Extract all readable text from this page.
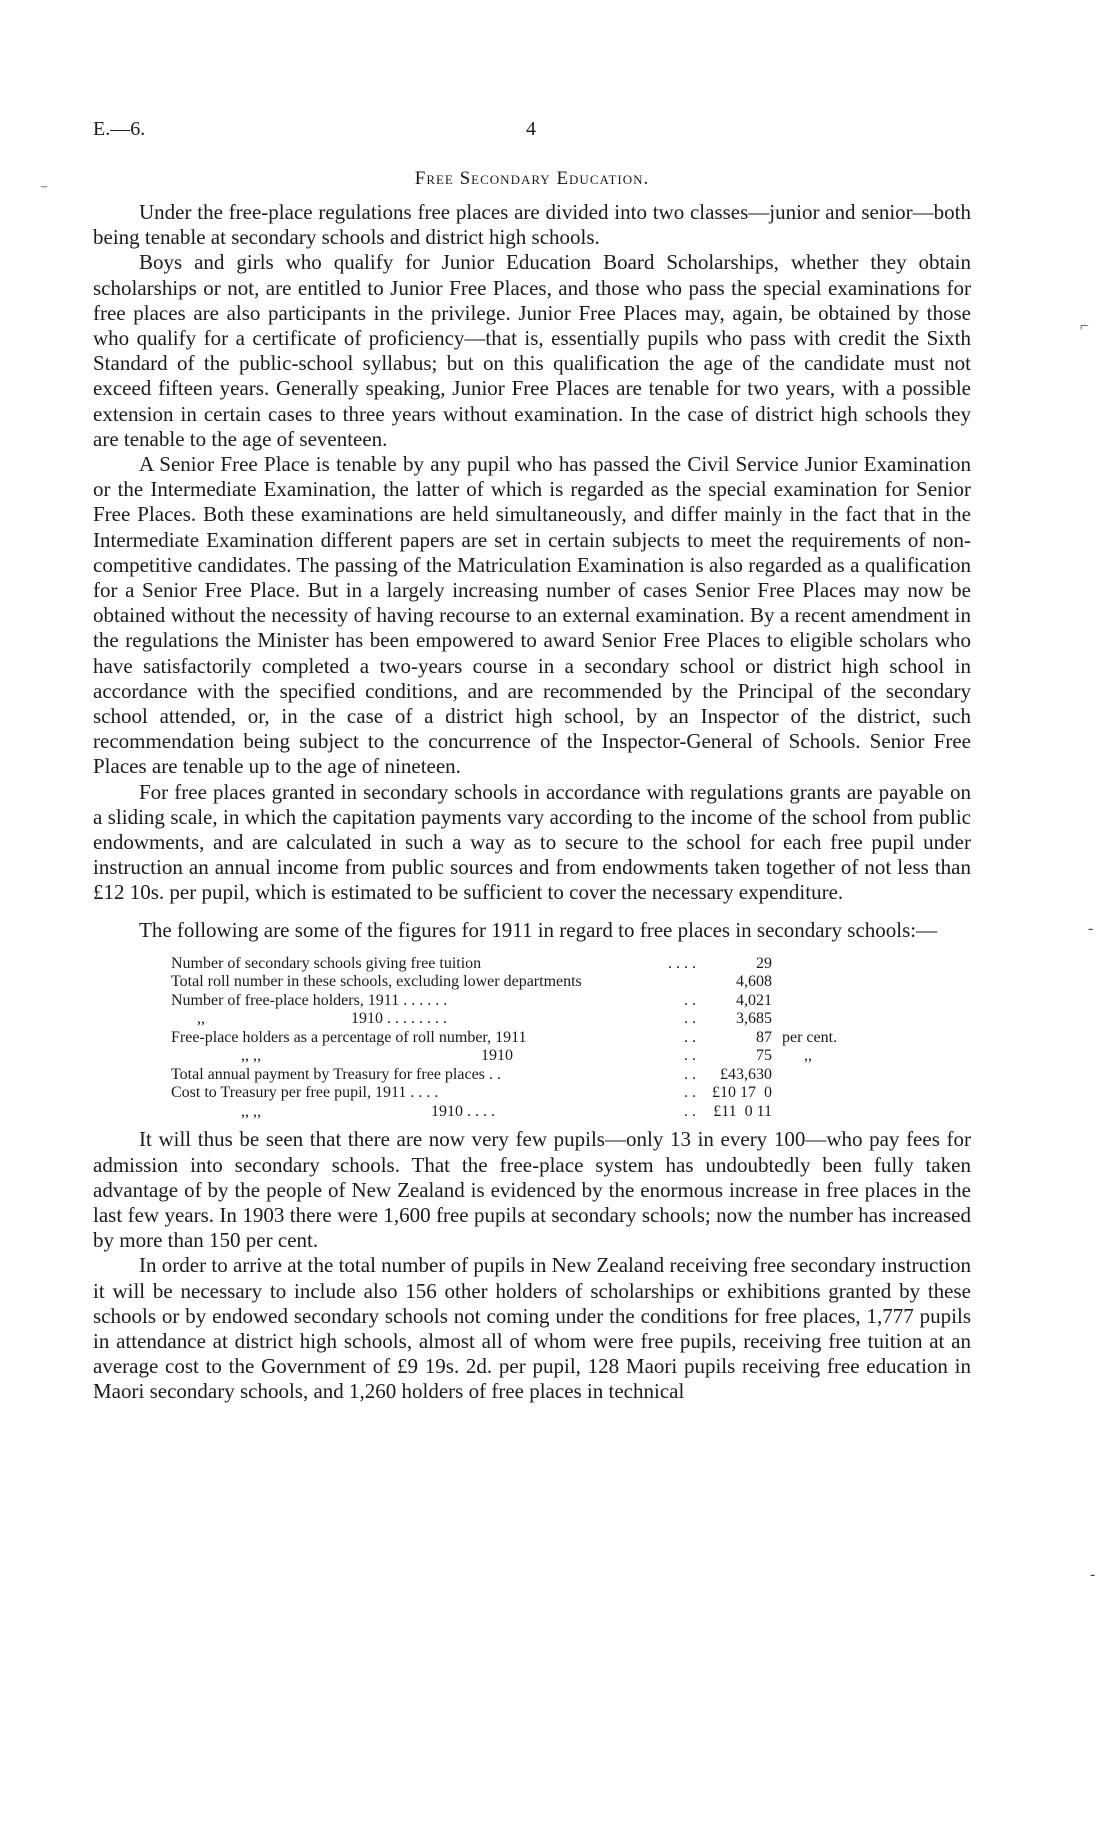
E.—6.	4
Free Secondary Education.

Under the free-place regulations free places are divided into two classes—junior and senior—both being tenable at secondary schools and district high schools.

Boys and girls who qualify for Junior Education Board Scholarships, whether they obtain scholarships or not, are entitled to Junior Free Places, and those who pass the special examinations for free places are also participants in the privilege. Junior Free Places may, again, be obtained by those who qualify for a certificate of proficiency—that is, essentially pupils who pass with credit the Sixth Standard of the public-school syllabus; but on this qualification the age of the candidate must not exceed fifteen years. Generally speaking, Junior Free Places are tenable for two years, with a possible extension in certain cases to three years without examination. In the case of district high schools they are tenable to the age of seventeen.

A Senior Free Place is tenable by any pupil who has passed the Civil Service Junior Examination or the Intermediate Examination, the latter of which is regarded as the special examination for Senior Free Places. Both these examinations are held simultaneously, and differ mainly in the fact that in the Intermediate Examination different papers are set in certain subjects to meet the requirements of non-competitive candidates. The passing of the Matriculation Examination is also regarded as a qualification for a Senior Free Place. But in a largely increasing number of cases Senior Free Places may now be obtained without the necessity of having recourse to an external examination. By a recent amendment in the regulations the Minister has been empowered to award Senior Free Places to eligible scholars who have satisfactorily completed a two-years course in a secondary school or district high school in accordance with the specified conditions, and are recommended by the Principal of the secondary school attended, or, in the case of a district high school, by an Inspector of the district, such recommendation being subject to the concurrence of the Inspector-General of Schools. Senior Free Places are tenable up to the age of nineteen.

For free places granted in secondary schools in accordance with regulations grants are payable on a sliding scale, in which the capitation payments vary according to the income of the school from public endowments, and are calculated in such a way as to secure to the school for each free pupil under instruction an annual income from public sources and from endowments taken together of not less than £12 10s. per pupil, which is estimated to be sufficient to cover the necessary expenditure.

The following are some of the figures for 1911 in regard to free places in secondary schools:—

Number of secondary schools giving free tuition	. . . .	29	
Total roll number in these schools, excluding lower departments		4,608	
Number of free-place holders, 1911 . . . . . .	. .	4,021	
,, 1910 . . . . . . . .	. .	3,685	
Free-place holders as a percentage of roll number, 1911	. .	87	per cent.
,, ,, 1910	. .	75	,,
Total annual payment by Treasury for free places . .	. .	£43,630	
Cost to Treasury per free pupil, 1911 . . . .	. .	£10 17  0	
,, ,, 1910 . . . .	. .	£11  0 11	

It will thus be seen that there are now very few pupils—only 13 in every 100—who pay fees for admission into secondary schools. That the free-place system has undoubtedly been fully taken advantage of by the people of New Zealand is evidenced by the enormous increase in free places in the last few years. In 1903 there were 1,600 free pupils at secondary schools; now the number has increased by more than 150 per cent.

In order to arrive at the total number of pupils in New Zealand receiving free secondary instruction it will be necessary to include also 156 other holders of scholarships or exhibitions granted by these schools or by endowed secondary schools not coming under the conditions for free places, 1,777 pupils in attendance at district high schools, almost all of whom were free pupils, receiving free tuition at an average cost to the Government of £9 19s. 2d. per pupil, 128 Maori pupils receiving free education in Maori secondary schools, and 1,260 holders of free places in technical

⁻
⌐
‐
‐
